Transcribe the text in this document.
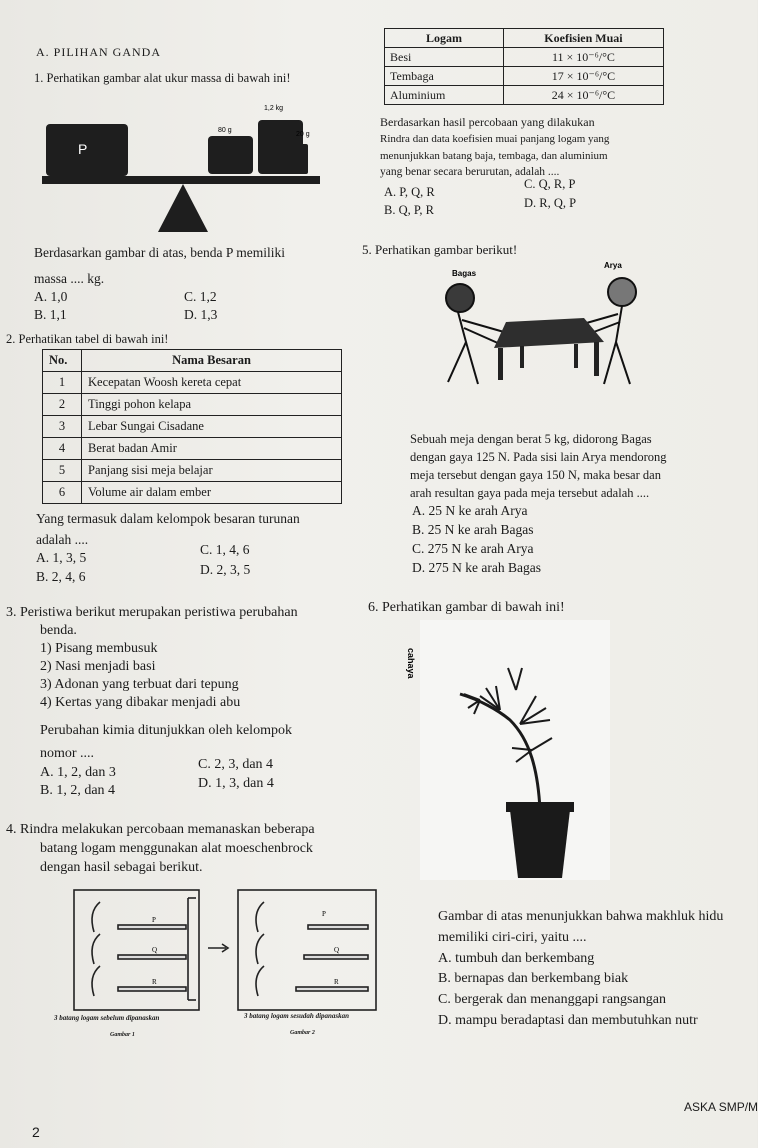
A. PILIHAN GANDA
1. Perhatikan gambar alat ukur massa di bawah ini!
P
1,2 kg
80 g
20 g
Berdasarkan gambar di atas, benda P memiliki
massa .... kg.
A. 1,0
B. 1,1
C. 1,2
D. 1,3
2. Perhatikan tabel di bawah ini!
No.	Nama Besaran
1	Kecepatan Woosh kereta cepat
2	Tinggi pohon kelapa
3	Lebar Sungai Cisadane
4	Berat badan Amir
5	Panjang sisi meja belajar
6	Volume air dalam ember
Yang termasuk dalam kelompok besaran turunan
adalah ....
A. 1, 3, 5
B. 2, 4, 6
C. 1, 4, 6
D. 2, 3, 5
3. Peristiwa berikut merupakan peristiwa perubahan
benda.
1) Pisang membusuk
2) Nasi menjadi basi
3) Adonan yang terbuat dari tepung
4) Kertas yang dibakar menjadi abu
Perubahan kimia ditunjukkan oleh kelompok
nomor ....
A. 1, 2, dan 3
B. 1, 2, dan 4
C. 2, 3, dan 4
D. 1, 3, dan 4
4. Rindra melakukan percobaan memanaskan beberapa
batang logam menggunakan alat moeschenbrock
dengan hasil sebagai berikut.
P
Q
R
P
Q
R
3 batang logam sebelum dipanaskan	3 batang logam sesudah dipanaskan
Gambar 1	Gambar 2
Logam	Koefisien Muai
Besi	11 × 10⁻⁶/°C
Tembaga	17 × 10⁻⁶/°C
Aluminium	24 × 10⁻⁶/°C
Berdasarkan hasil percobaan yang dilakukan
Rindra dan data koefisien muai panjang logam yang
menunjukkan batang baja, tembaga, dan aluminium
yang benar secara berurutan, adalah ....
A. P, Q, R
B. Q, P, R
C. Q, R, P
D. R, Q, P
5. Perhatikan gambar berikut!
Bagas
Arya
Sebuah meja dengan berat 5 kg, didorong Bagas
dengan gaya 125 N. Pada sisi lain Arya mendorong
meja tersebut dengan gaya 150 N, maka besar dan
arah resultan gaya pada meja tersebut adalah ....
A. 25 N ke arah Arya
B. 25 N ke arah Bagas
C. 275 N ke arah Arya
D. 275 N ke arah Bagas
6. Perhatikan gambar di bawah ini!
cahaya
Gambar di atas menunjukkan bahwa makhluk hidu
memiliki ciri-ciri, yaitu ....
A. tumbuh dan berkembang
B. bernapas dan berkembang biak
C. bergerak dan menanggapi rangsangan
D. mampu beradaptasi dan membutuhkan nutr
ASKA SMP/M
2
